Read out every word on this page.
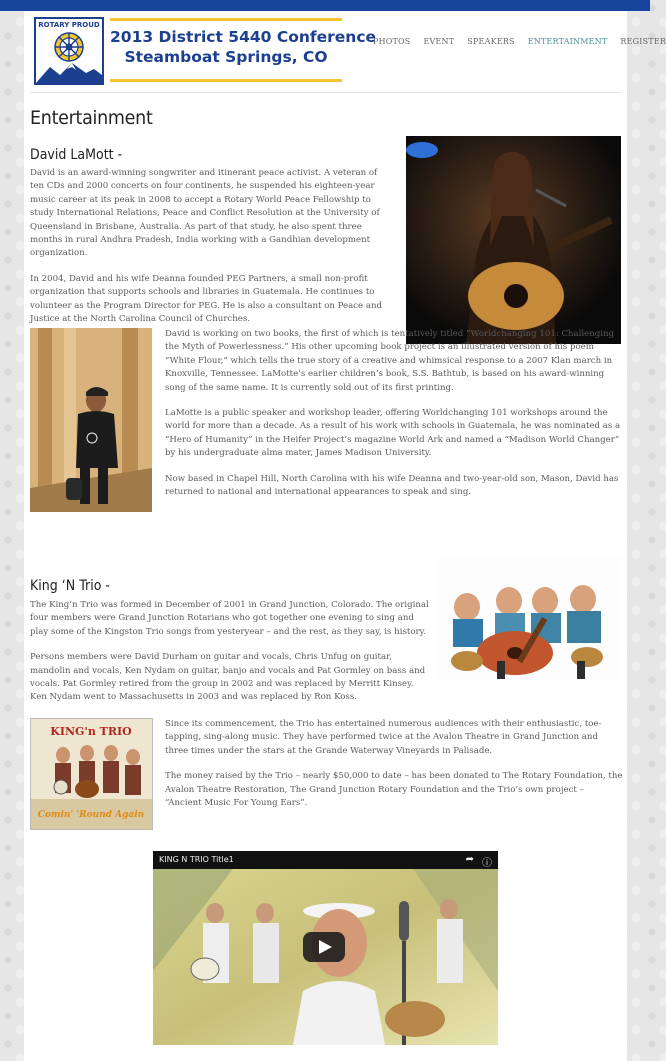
ROTARY PROUD
2013 District 5440 Conference
Steamboat Springs, CO
PHOTOS EVENT SPEAKERS ENTERTAINMENT REGISTER
Entertainment
David LaMott -

David is an award-winning songwriter and itinerant peace activist. A veteran of ten CDs and 2000 concerts on four continents, he suspended his eighteen-year music career at its peak in 2008 to accept a Rotary World Peace Fellowship to study International Relations, Peace and Conflict Resolution at the University of Queensland in Brisbane, Australia. As part of that study, he also spent three months in rural Andhra Pradesh, India working with a Gandhian development organization.

In 2004, David and his wife Deanna founded PEG Partners, a small non-profit organization that supports schools and libraries in Guatemala. He continues to volunteer as the Program Director for PEG. He is also a consultant on Peace and Justice at the North Carolina Council of Churches.

David is working on two books, the first of which is tentatively titled “Worldchanging 101: Challenging the Myth of Powerlessness.” His other upcoming book project is an illustrated version of his poem “White Flour,” which tells the true story of a creative and whimsical response to a 2007 Klan march in Knoxville, Tennessee. LaMotte’s earlier children’s book, S.S. Bathtub, is based on his award-winning song of the same name. It is currently sold out of its first printing.

LaMotte is a public speaker and workshop leader, offering Worldchanging 101 workshops around the world for more than a decade. As a result of his work with schools in Guatemala, he was nominated as a “Hero of Humanity” in the Heifer Project’s magazine World Ark and named a “Madison World Changer” by his undergraduate alma mater, James Madison University.

Now based in Chapel Hill, North Carolina with his wife Deanna and two-year-old son, Mason, David has returned to national and international appearances to speak and sing.

King ‘N Trio -

The King’n Trio was formed in December of 2001 in Grand Junction, Colorado. The original four members were Grand Junction Rotarians who got together one evening to sing and play some of the Kingston Trio songs from yesteryear – and the rest, as they say, is history.

Persons members were David Durham on guitar and vocals, Chris Unfug on guitar, mandolin and vocals, Ken Nydam on guitar, banjo and vocals and Pat Gormley on bass and vocals. Pat Gormley retired from the group in 2002 and was replaced by Merritt Kinsey. Ken Nydam went to Massachusetts in 2003 and was replaced by Ron Koss.

KING'n TRIO
Comin' 'Round Again

Since its commencement, the Trio has entertained numerous audiences with their enthusiastic, toe-tapping, sing-along music. They have performed twice at the Avalon Theatre in Grand Junction and three times under the stars at the Grande Waterway Vineyards in Palisade.

The money raised by the Trio – nearly $50,000 to date – has been donated to The Rotary Foundation, the Avalon Theatre Restoration, The Grand Junction Rotary Foundation and the Trio’s own project – “Ancient Music For Young Ears”.

KING N TRIO Title1	➦ ⓘ
